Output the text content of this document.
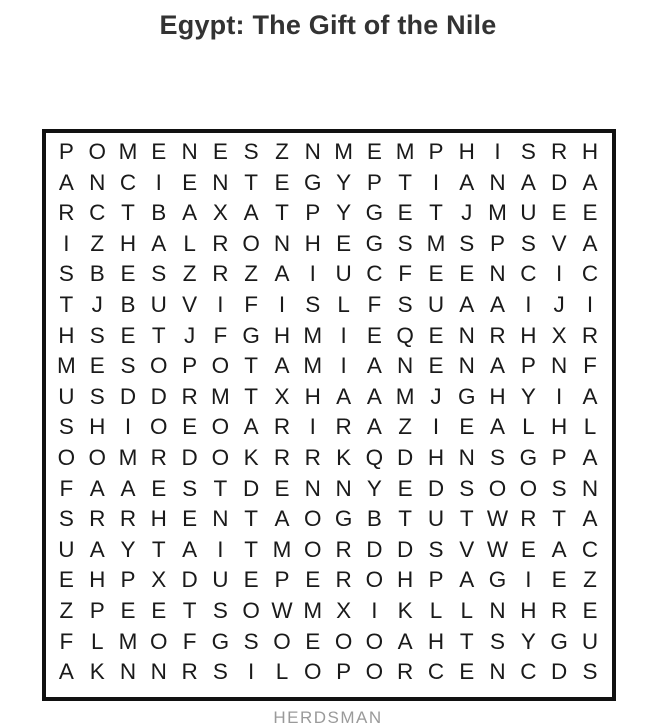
Egypt: The Gift of the Nile
P O M E N E S Z N M E M P H I S R H
A N C I E N T E G Y P T I A N A D A
R C T B A X A T P Y G E T J M U E E
I Z H A L R O N H E G S M S P S V A
S B E S Z R Z A I U C F E E N C I C
T J B U V I F I S L F S U A A I J I
H S E T J F G H M I E Q E N R H X R
M E S O P O T A M I A N E N A P N F
U S D D R M T X H A A M J G H Y I A
S H I O E O A R I R A Z I E A L H L
O O M R D O K R R K Q D H N S G P A
F A A E S T D E N N Y E D S O O S N
S R R H E N T A O G B T U T W R T A
U A Y T A I T M O R D D S V W E A C
E H P X D U E P E R O H P A G I E Z
Z P E E T S O W M X I K L L N H R E
F L M O F G S O E O O A H T S Y G U
A K N N R S I L O P O R C E N C D S
HERDSMAN
